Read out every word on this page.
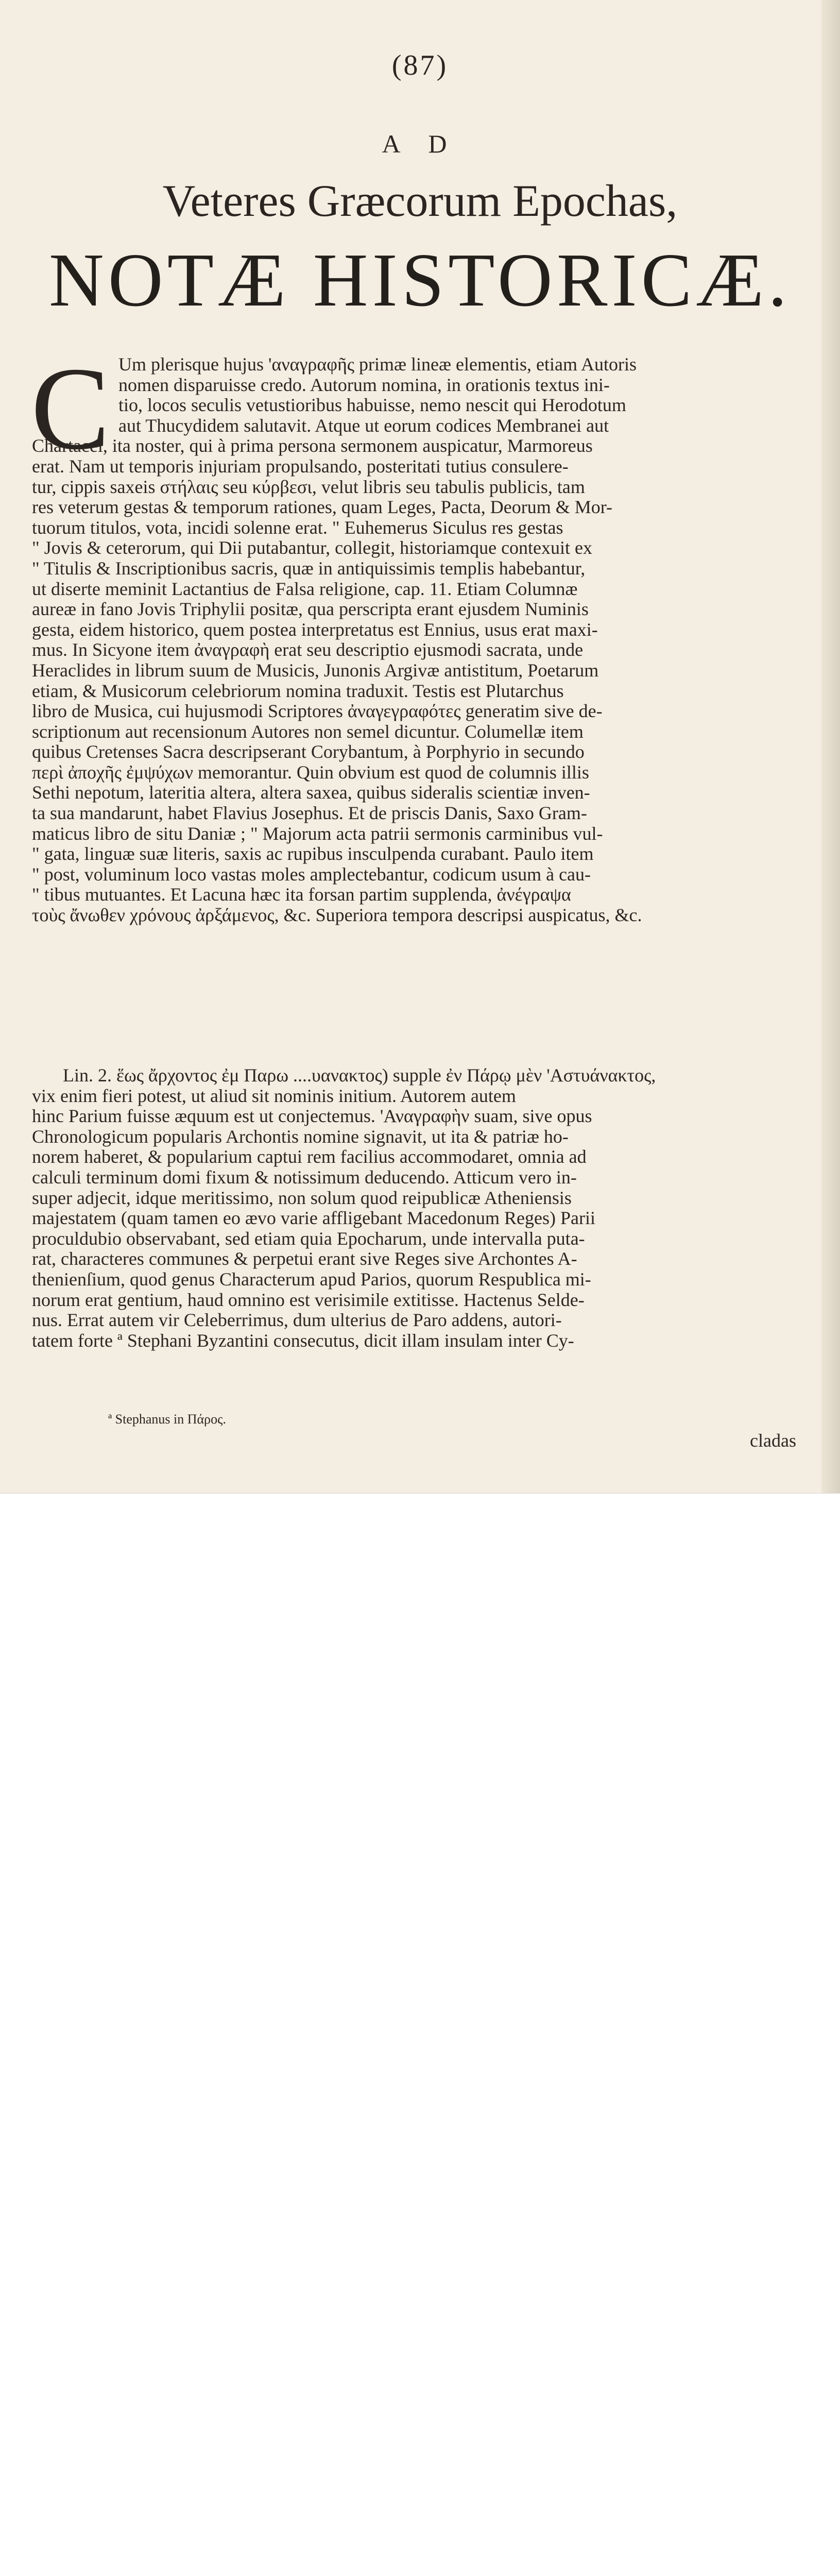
(87)
A D
Veteres Græcorum Epochas,
NOTÆ HISTORICÆ.
C Um plerisque hujus 'αναγραφῆς primæ lineæ elementis, etiam Autoris
nomen disparuisse credo. Autorum nomina, in orationis textus ini-
tio, locos seculis vetustioribus habuisse, nemo nescit qui Herodotum
aut Thucydidem salutavit. Atque ut eorum codices Membranei aut
Chartacei, ita noster, qui à prima persona sermonem auspicatur, Marmoreus
erat. Nam ut temporis injuriam propulsando, posteritati tutius consulere-
tur, cippis saxeis στήλαις seu κύρβεσι, velut libris seu tabulis publicis, tam
res veterum gestas & temporum rationes, quam Leges, Pacta, Deorum & Mor-
tuorum titulos, vota, incidi solenne erat. " Euhemerus Siculus res gestas
" Jovis & ceterorum, qui Dii putabantur, collegit, historiamque contexuit ex
" Titulis & Inscriptionibus sacris, quæ in antiquissimis templis habebantur,
ut diserte meminit Lactantius de Falsa religione, cap. 11. Etiam Columnæ
aureæ in fano Jovis Triphylii positæ, qua perscripta erant ejusdem Numinis
gesta, eidem historico, quem postea interpretatus est Ennius, usus erat maxi-
mus. In Sicyone item ἀναγραφὴ erat seu descriptio ejusmodi sacrata, unde
Heraclides in librum suum de Musicis, Junonis Argivæ antistitum, Poetarum
etiam, & Musicorum celebriorum nomina traduxit. Testis est Plutarchus
libro de Musica, cui hujusmodi Scriptores ἀναγεγραφότες generatim sive de-
scriptionum aut recensionum Autores non semel dicuntur. Columellæ item
quibus Cretenses Sacra descripserant Corybantum, à Porphyrio in secundo
περὶ ἀποχῆς ἐμψύχων memorantur. Quin obvium est quod de columnis illis
Sethi nepotum, lateritia altera, altera saxea, quibus sideralis scientiæ inven-
ta sua mandarunt, habet Flavius Josephus. Et de priscis Danis, Saxo Gram-
maticus libro de situ Daniæ ; " Majorum acta patrii sermonis carminibus vul-
" gata, linguæ suæ literis, saxis ac rupibus insculpenda curabant. Paulo item
" post, voluminum loco vastas moles amplectebantur, codicum usum à cau-
" tibus mutuantes. Et Lacuna hæc ita forsan partim supplenda, ἀνέγραψα
τοὺς ἄνωθεν χρόνους ἀρξάμενος, &c. Superiora tempora descripsi auspicatus, &c.
Lin. 2. ἕως ἄρχοντος ἐμ Παρω ....υανακτος) supple ἐν Πάρῳ μὲν 'Αστυάνακτος,
vix enim fieri potest, ut aliud sit nominis initium. Autorem autem
hinc Parium fuisse æquum est ut conjectemus. 'Αναγραφὴν suam, sive opus
Chronologicum popularis Archontis nomine signavit, ut ita & patriæ ho-
norem haberet, & popularium captui rem facilius accommodaret, omnia ad
calculi terminum domi fixum & notissimum deducendo. Atticum vero in-
super adjecit, idque meritissimo, non solum quod reipublicæ Atheniensis
majestatem (quam tamen eo ævo varie affligebant Macedonum Reges) Parii
proculdubio observabant, sed etiam quia Epocharum, unde intervalla puta-
rat, characteres communes & perpetui erant sive Reges sive Archontes A-
thenienſium, quod genus Characterum apud Parios, quorum Respublica mi-
norum erat gentium, haud omnino est verisimile extitisse. Hactenus Selde-
nus. Errat autem vir Celeberrimus, dum ulterius de Paro addens, autori-
tatem forte ª Stephani Byzantini consecutus, dicit illam insulam inter Cy-
ª Stephanus in Πάρος.
cladas
